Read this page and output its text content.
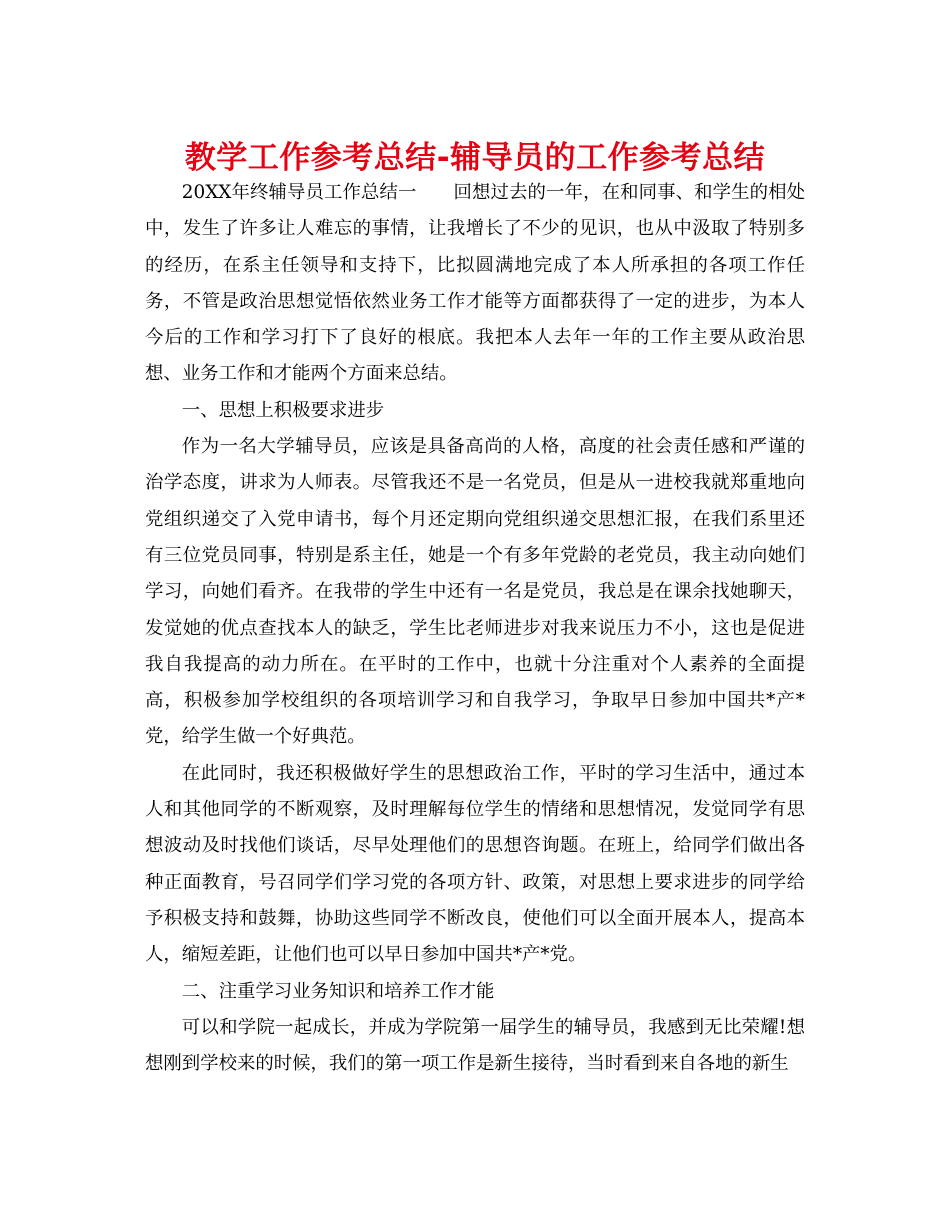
教学工作参考总结-辅导员的工作参考总结

20XX年终辅导员工作总结一　　回想过去的一年，在和同事、和学生的相处中，发生了许多让人难忘的事情，让我增长了不少的见识，也从中汲取了特别多的经历，在系主任领导和支持下，比拟圆满地完成了本人所承担的各项工作任务，不管是政治思想觉悟依然业务工作才能等方面都获得了一定的进步，为本人今后的工作和学习打下了良好的根底。我把本人去年一年的工作主要从政治思想、业务工作和才能两个方面来总结。

一、思想上积极要求进步

作为一名大学辅导员，应该是具备高尚的人格，高度的社会责任感和严谨的治学态度，讲求为人师表。尽管我还不是一名党员，但是从一进校我就郑重地向党组织递交了入党申请书，每个月还定期向党组织递交思想汇报，在我们系里还有三位党员同事，特别是系主任，她是一个有多年党龄的老党员，我主动向她们学习，向她们看齐。在我带的学生中还有一名是党员，我总是在课余找她聊天，发觉她的优点查找本人的缺乏，学生比老师进步对我来说压力不小，这也是促进我自我提高的动力所在。在平时的工作中，也就十分注重对个人素养的全面提高，积极参加学校组织的各项培训学习和自我学习，争取早日参加中国共*产*党，给学生做一个好典范。

在此同时，我还积极做好学生的思想政治工作，平时的学习生活中，通过本人和其他同学的不断观察，及时理解每位学生的情绪和思想情况，发觉同学有思想波动及时找他们谈话，尽早处理他们的思想咨询题。在班上，给同学们做出各种正面教育，号召同学们学习党的各项方针、政策，对思想上要求进步的同学给予积极支持和鼓舞，协助这些同学不断改良，使他们可以全面开展本人，提高本人，缩短差距，让他们也可以早日参加中国共*产*党。

二、注重学习业务知识和培养工作才能

可以和学院一起成长，并成为学院第一届学生的辅导员，我感到无比荣耀!想想刚到学校来的时候，我们的第一项工作是新生接待，当时看到来自各地的新生
